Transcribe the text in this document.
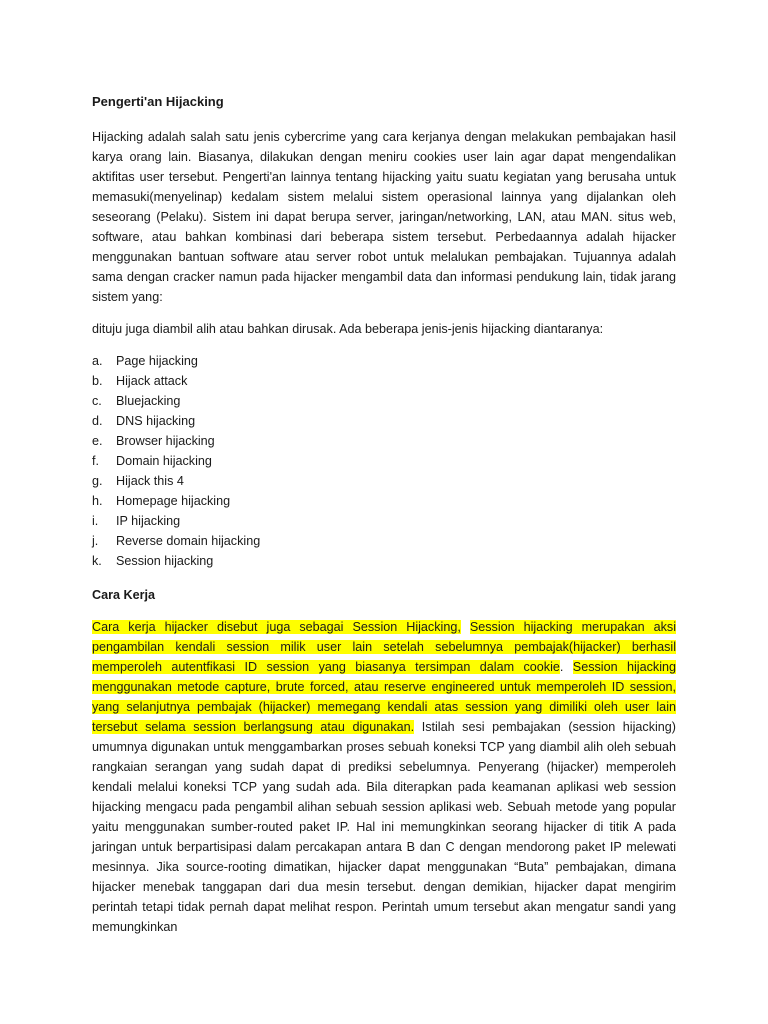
Pengerti'an Hijacking

Hijacking adalah salah satu jenis cybercrime yang cara kerjanya dengan melakukan pembajakan hasil karya orang lain. Biasanya, dilakukan dengan meniru cookies user lain agar dapat mengendalikan aktifitas user tersebut. Pengerti'an lainnya tentang hijacking yaitu suatu kegiatan yang berusaha untuk memasuki(menyelinap) kedalam sistem melalui sistem operasional lainnya yang dijalankan oleh seseorang (Pelaku). Sistem ini dapat berupa server, jaringan/networking, LAN, atau MAN. situs web, software, atau bahkan kombinasi dari beberapa sistem tersebut. Perbedaannya adalah hijacker menggunakan bantuan software atau server robot untuk melalukan pembajakan. Tujuannya adalah sama dengan cracker namun pada hijacker mengambil data dan informasi pendukung lain, tidak jarang sistem yang:

dituju juga diambil alih atau bahkan dirusak. Ada beberapa jenis-jenis hijacking diantaranya:

a.	Page hijacking
b.	Hijack attack
c.	Bluejacking
d.	DNS hijacking
e.	Browser hijacking
f.	Domain hijacking
g.	Hijack this 4
h.	Homepage hijacking
i.	IP hijacking
j.	Reverse domain hijacking
k.	Session hijacking
Cara Kerja

Cara kerja hijacker disebut juga sebagai Session Hijacking, Session hijacking merupakan aksi pengambilan kendali session milik user lain setelah sebelumnya pembajak(hijacker) berhasil memperoleh autentfikasi ID session yang biasanya tersimpan dalam cookie. Session hijacking menggunakan metode capture, brute forced, atau reserve engineered untuk memperoleh ID session, yang selanjutnya pembajak (hijacker) memegang kendali atas session yang dimiliki oleh user lain tersebut selama session berlangsung atau digunakan. Istilah sesi pembajakan (session hijacking) umumnya digunakan untuk menggambarkan proses sebuah koneksi TCP yang diambil alih oleh sebuah rangkaian serangan yang sudah dapat di prediksi sebelumnya. Penyerang (hijacker) memperoleh kendali melalui koneksi TCP yang sudah ada. Bila diterapkan pada keamanan aplikasi web session hijacking mengacu pada pengambil alihan sebuah session aplikasi web. Sebuah metode yang popular yaitu menggunakan sumber-routed paket IP. Hal ini memungkinkan seorang hijacker di titik A pada jaringan untuk berpartisipasi dalam percakapan antara B dan C dengan mendorong paket IP melewati mesinnya. Jika source-rooting dimatikan, hijacker dapat menggunakan “Buta” pembajakan, dimana hijacker menebak tanggapan dari dua mesin tersebut. dengan demikian, hijacker dapat mengirim perintah tetapi tidak pernah dapat melihat respon. Perintah umum tersebut akan mengatur sandi yang memungkinkan
